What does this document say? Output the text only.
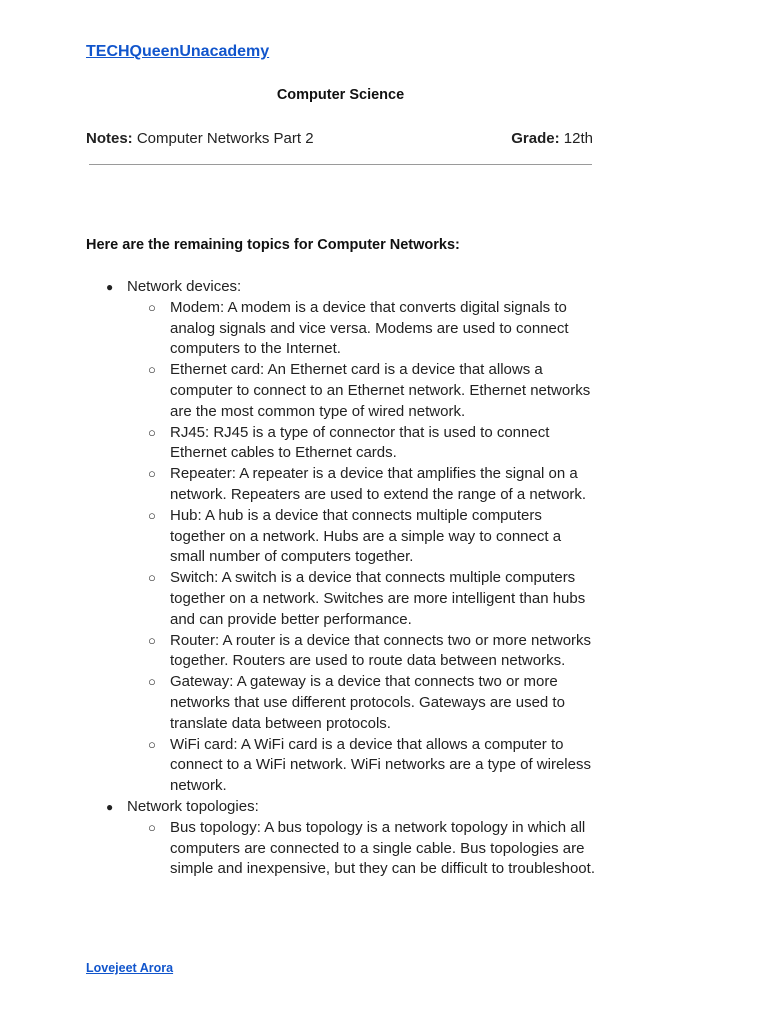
TECHQueenUnacademy
Computer Science
Notes: Computer Networks Part 2	Grade: 12th
Here are the remaining topics for Computer Networks:
● Network devices:
○ Modem: A modem is a device that converts digital signals to analog signals and vice versa. Modems are used to connect computers to the Internet.
○ Ethernet card: An Ethernet card is a device that allows a computer to connect to an Ethernet network. Ethernet networks are the most common type of wired network.
○ RJ45: RJ45 is a type of connector that is used to connect Ethernet cables to Ethernet cards.
○ Repeater: A repeater is a device that amplifies the signal on a network. Repeaters are used to extend the range of a network.
○ Hub: A hub is a device that connects multiple computers together on a network. Hubs are a simple way to connect a small number of computers together.
○ Switch: A switch is a device that connects multiple computers together on a network. Switches are more intelligent than hubs and can provide better performance.
○ Router: A router is a device that connects two or more networks together. Routers are used to route data between networks.
○ Gateway: A gateway is a device that connects two or more networks that use different protocols. Gateways are used to translate data between protocols.
○ WiFi card: A WiFi card is a device that allows a computer to connect to a WiFi network. WiFi networks are a type of wireless network.
● Network topologies:
○ Bus topology: A bus topology is a network topology in which all computers are connected to a single cable. Bus topologies are simple and inexpensive, but they can be difficult to troubleshoot.
Lovejeet Arora
